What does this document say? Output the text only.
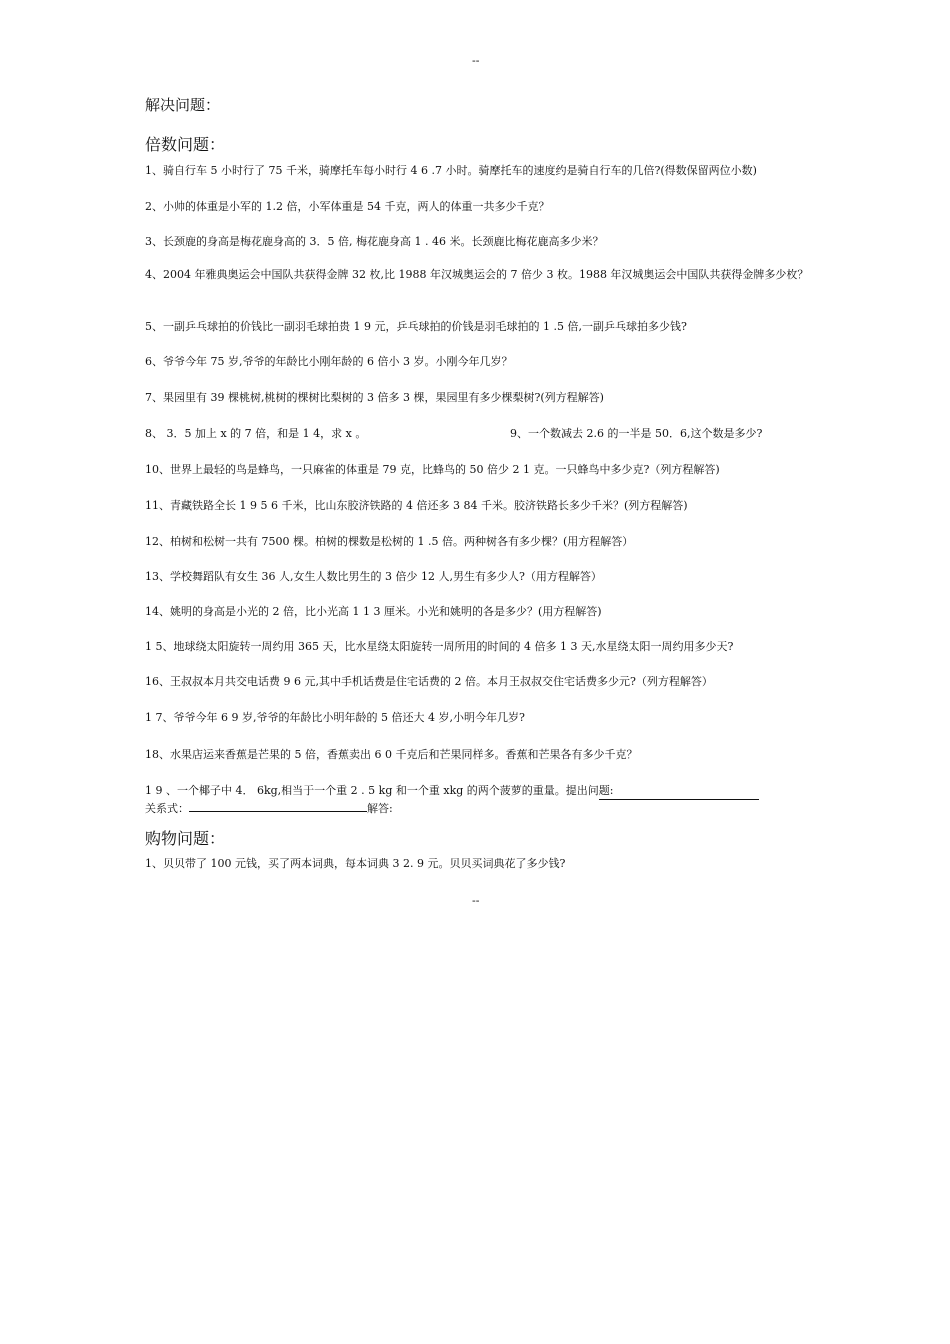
--
解决问题：
倍数问题：
1、骑自行车 5 小时行了 75 千米，骑摩托车每小时行 4 6 .7 小时。骑摩托车的速度约是骑自行车的几倍?(得数保留两位小数)
2、小帅的体重是小军的 1.2 倍，小军体重是 54 千克，两人的体重一共多少千克？
3、长颈鹿的身高是梅花鹿身高的 3．5 倍, 梅花鹿身高 1 . 46 米。长颈鹿比梅花鹿高多少米？
4、2004 年雅典奥运会中国队共获得金牌 32 枚,比 1988 年汉城奥运会的 7 倍少 3 枚。1988 年汉城奥运会中国队共获得金牌多少枚？
5、一副乒乓球拍的价钱比一副羽毛球拍贵 1 9 元，乒乓球拍的价钱是羽毛球拍的 1 .5 倍,一副乒乓球拍多少钱?
6、爷爷今年 75 岁,爷爷的年龄比小刚年龄的 6 倍小 3 岁。小刚今年几岁？
7、果园里有 39 棵桃树,桃树的棵树比梨树的 3 倍多 3 棵，果园里有多少棵梨树?(列方程解答)
8、 3．5 加上 x 的 7 倍，和是 1 4，求 x 。	9、一个数减去 2.6 的一半是 50．6,这个数是多少?
10、世界上最轻的鸟是蜂鸟，一只麻雀的体重是 79 克，比蜂鸟的 50 倍少 2 1 克。一只蜂鸟中多少克?（列方程解答)
11、青藏铁路全长 1 9 5 6 千米，比山东胶济铁路的 4 倍还多 3 84 千米。胶济铁路长多少千米？(列方程解答)
12、柏树和松树一共有 7500 棵。柏树的棵数是松树的 1 .5 倍。两种树各有多少棵？(用方程解答）
13、学校舞蹈队有女生 36 人,女生人数比男生的 3 倍少 12 人,男生有多少人?（用方程解答）
14、姚明的身高是小光的 2 倍，比小光高 1 1 3 厘米。小光和姚明的各是多少？(用方程解答)
1 5、地球绕太阳旋转一周约用 365 天，比水星绕太阳旋转一周所用的时间的 4 倍多 1 3 天,水星绕太阳一周约用多少天?
16、王叔叔本月共交电话费 9 6 元,其中手机话费是住宅话费的 2 倍。本月王叔叔交住宅话费多少元?（列方程解答）
1 7、爷爷今年 6 9 岁,爷爷的年龄比小明年龄的 5 倍还大 4 岁,小明今年几岁?
18、水果店运来香蕉是芒果的 5 倍，香蕉卖出 6 0 千克后和芒果同样多。香蕉和芒果各有多少千克？
1 9 、一个椰子中 4． 6kg,相当于一个重 2 . 5 kg 和一个重 xkg 的两个菠萝的重量。提出问题:
关系式：	解答:
购物问题：
1、贝贝带了 100 元钱，买了两本词典，每本词典 3 2. 9 元。贝贝买词典花了多少钱?
--
